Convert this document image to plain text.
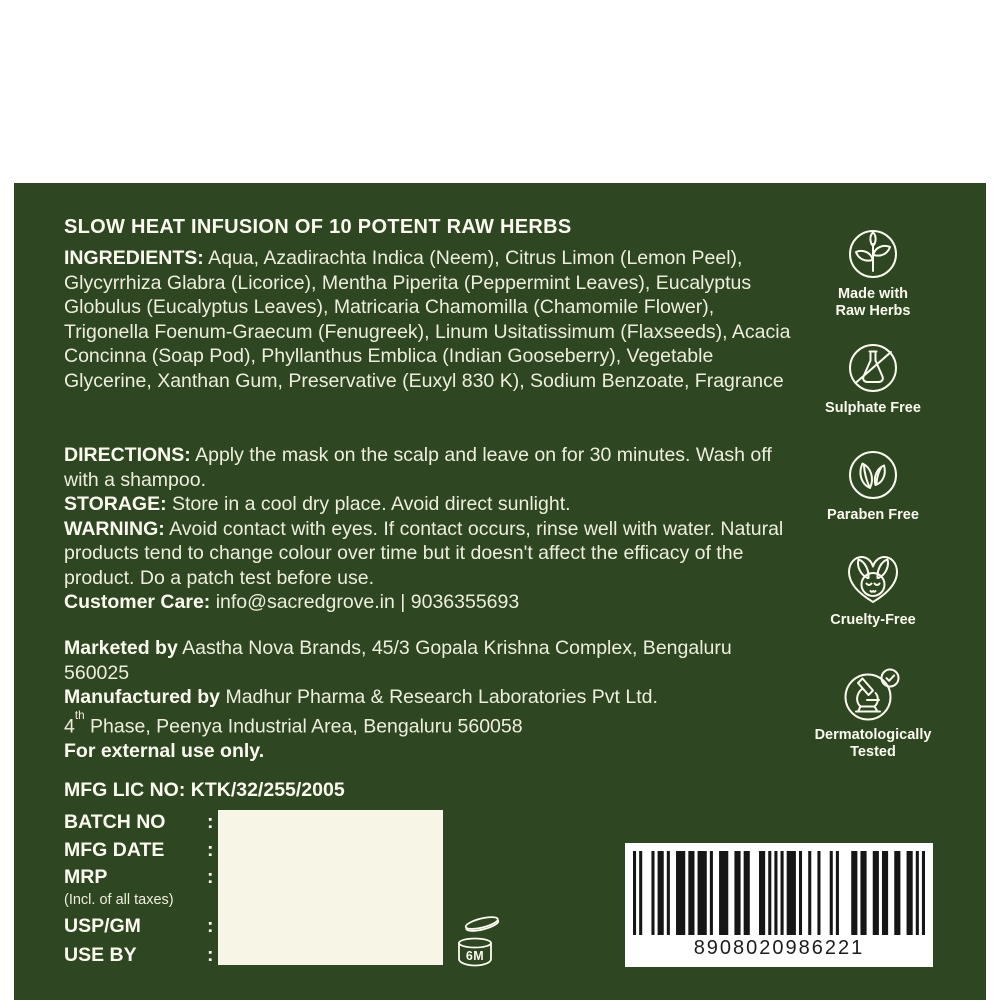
SLOW HEAT INFUSION OF 10 POTENT RAW HERBS

INGREDIENTS: Aqua, Azadirachta Indica (Neem), Citrus Limon (Lemon Peel), Glycyrrhiza Glabra (Licorice), Mentha Piperita (Peppermint Leaves), Eucalyptus Globulus (Eucalyptus Leaves), Matricaria Chamomilla (Chamomile Flower), Trigonella Foenum-Graecum (Fenugreek), Linum Usitatissimum (Flaxseeds), Acacia Concinna (Soap Pod), Phyllanthus Emblica (Indian Gooseberry), Vegetable Glycerine, Xanthan Gum, Preservative (Euxyl 830 K), Sodium Benzoate, Fragrance

DIRECTIONS: Apply the mask on the scalp and leave on for 30 minutes. Wash off with a shampoo.

STORAGE: Store in a cool dry place. Avoid direct sunlight.

WARNING: Avoid contact with eyes. If contact occurs, rinse well with water. Natural products tend to change colour over time but it doesn't affect the efficacy of the product. Do a patch test before use.

Customer Care: info@sacredgrove.in | 9036355693

Marketed by Aastha Nova Brands, 45/3 Gopala Krishna Complex, Bengaluru 560025

Manufactured by Madhur Pharma & Research Laboratories Pvt Ltd.

4th Phase, Peenya Industrial Area, Bengaluru 560058

For external use only.

MFG LIC NO: KTK/32/255/2005

BATCH NO	:
MFG DATE	:
MRP	:
(Incl. of all taxes)
USP/GM	:
USE BY	:
Made with
Raw Herbs
Sulphate Free
Paraben Free
Cruelty-Free
Dermatologically
Tested
6M	8908020986221
